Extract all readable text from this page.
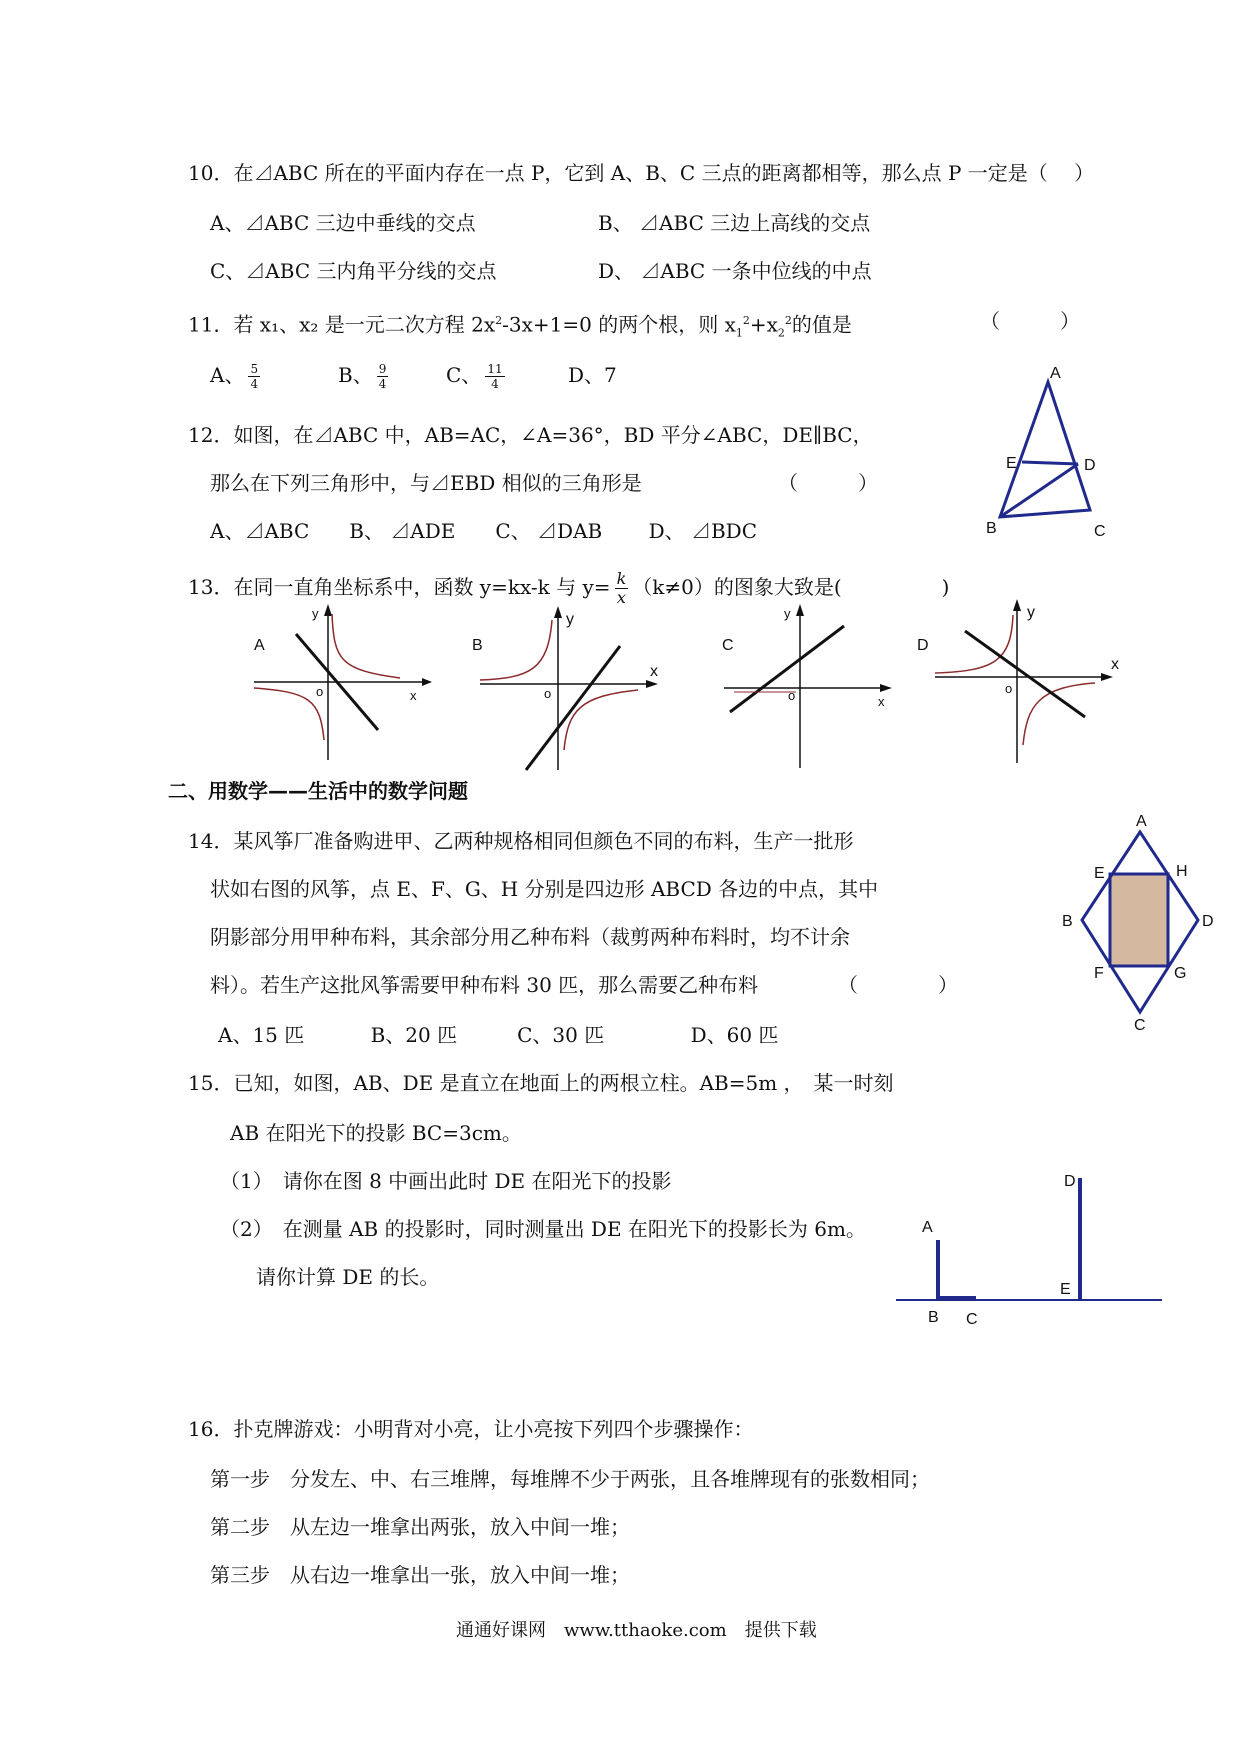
10．在⊿ABC 所在的平面内存在一点 P，它到 A、B、C 三点的距离都相等，那么点 P 一定是（　 ）
A、⊿ABC 三边中垂线的交点	B、 ⊿ABC 三边上高线的交点
C、⊿ABC 三内角平分线的交点	D、 ⊿ABC 一条中位线的中点
11．若 x₁、x₂ 是一元二次方程 $2x^2-3x+1=0$ 的两个根，则 $x_1^2+x_2^2$的值是	（　　　）
A、 $\frac{5}{4}$	B、 $\frac{9}{4}$	C、 $\frac{11}{4}$	D、7
12．如图，在⊿ABC 中，AB=AC，∠A=36°，BD 平分∠ABC，DE∥BC，
那么在下列三角形中，与⊿EBD 相似的三角形是	（　　　）
A、⊿ABC　　B、 ⊿ADE　　C、 ⊿DAB　　 D、 ⊿BDC
A
E	D
B	C
13．在同一直角坐标系中，函数 y=kx-k 与 $y= \frac{k}{x} (k\ne 0)$的图象大致是(　　　　　)
A
y
x
o
B
y
x
o
C
y
x
o
D
y
x
o
二、用数学——生活中的数学问题
14．某风筝厂准备购进甲、乙两种规格相同但颜色不同的布料，生产一批形
状如右图的风筝，点 E、F、G、H 分别是四边形 ABCD 各边的中点，其中
阴影部分用甲种布料，其余部分用乙种布料（裁剪两种布料时，均不计余
料）。若生产这批风筝需要甲种布料 30 匹，那么需要乙种布料	（　　　　）
A、15 匹　　　 B、20 匹　　　C、30 匹　　　　 D、60 匹
A
E	H
B	D
F	G
C
15．已知，如图，AB、DE 是直立在地面上的两根立柱。AB=5m ，　某一时刻
AB 在阳光下的投影 BC=3cm。
（1）　请你在图 8 中画出此时 DE 在阳光下的投影
（2）　在测量 AB 的投影时，同时测量出 DE 在阳光下的投影长为 6m。
请你计算 DE 的长。
A
B C
D
E
16．扑克牌游戏：小明背对小亮，让小亮按下列四个步骤操作：
第一步　分发左、中、右三堆牌，每堆牌不少于两张，且各堆牌现有的张数相同；
第二步　从左边一堆拿出两张，放入中间一堆；
第三步　从右边一堆拿出一张，放入中间一堆；
通通好课网　www.tthaoke.com　提供下载
